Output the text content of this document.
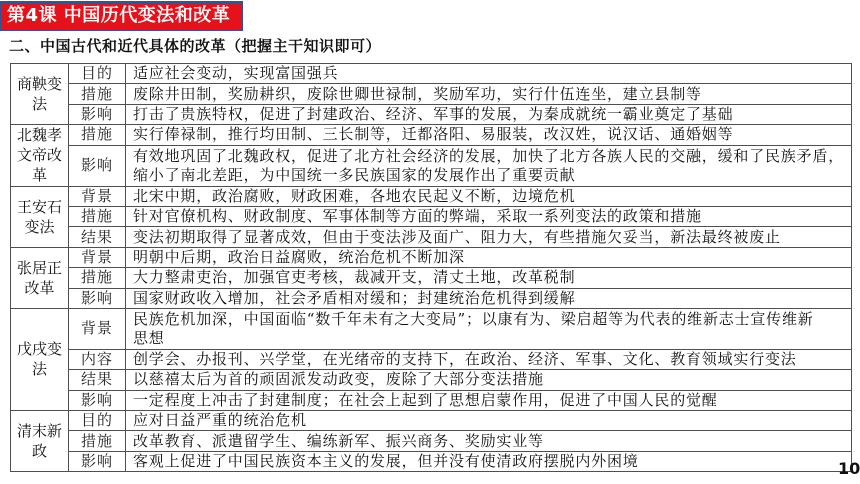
第4课 中国历代变法和改革
二、中国古代和近代具体的改革（把握主干知识即可）
商鞅变法	目的	适应社会变动，实现富国强兵

	措施	废除井田制，奖励耕织，废除世卿世禄制，奖励军功，实行什伍连坐，建立县制等

	影响	打击了贵族特权，促进了封建政治、经济、军事的发展，为秦成就统一霸业奠定了基础

北魏孝文帝改革	措施	实行俸禄制，推行均田制、三长制等，迁都洛阳、易服装，改汉姓，说汉话、通婚姻等

	影响	有效地巩固了北魏政权，促进了北方社会经济的发展，加快了北方各族人民的交融，缓和了民族矛盾，
缩小了南北差距，为中国统一多民族国家的发展作出了重要贡献

王安石变法	背景	北宋中期，政治腐败，财政困难，各地农民起义不断，边境危机

	措施	针对官僚机构、财政制度、军事体制等方面的弊端，采取一系列变法的政策和措施

	结果	变法初期取得了显著成效，但由于变法涉及面广、阻力大，有些措施欠妥当，新法最终被废止

张居正改革	背景	明朝中后期，政治日益腐败，统治危机不断加深

	措施	大力整肃吏治，加强官吏考核，裁减开支，清丈土地，改革税制

	影响	国家财政收入增加，社会矛盾相对缓和；封建统治危机得到缓解

戊戌变法	背景	民族危机加深，中国面临“数千年未有之大变局”；以康有为、梁启超等为代表的维新志士宣传维新
思想

	内容	创学会、办报刊、兴学堂，在光绪帝的支持下，在政治、经济、军事、文化、教育领域实行变法

	结果	以慈禧太后为首的顽固派发动政变，废除了大部分变法措施

	影响	一定程度上冲击了封建制度；在社会上起到了思想启蒙作用，促进了中国人民的觉醒

清末新政	目的	应对日益严重的统治危机

	措施	改革教育、派遣留学生、编练新军、振兴商务、奖励实业等

	影响	客观上促进了中国民族资本主义的发展，但并没有使清政府摆脱内外困境	10
